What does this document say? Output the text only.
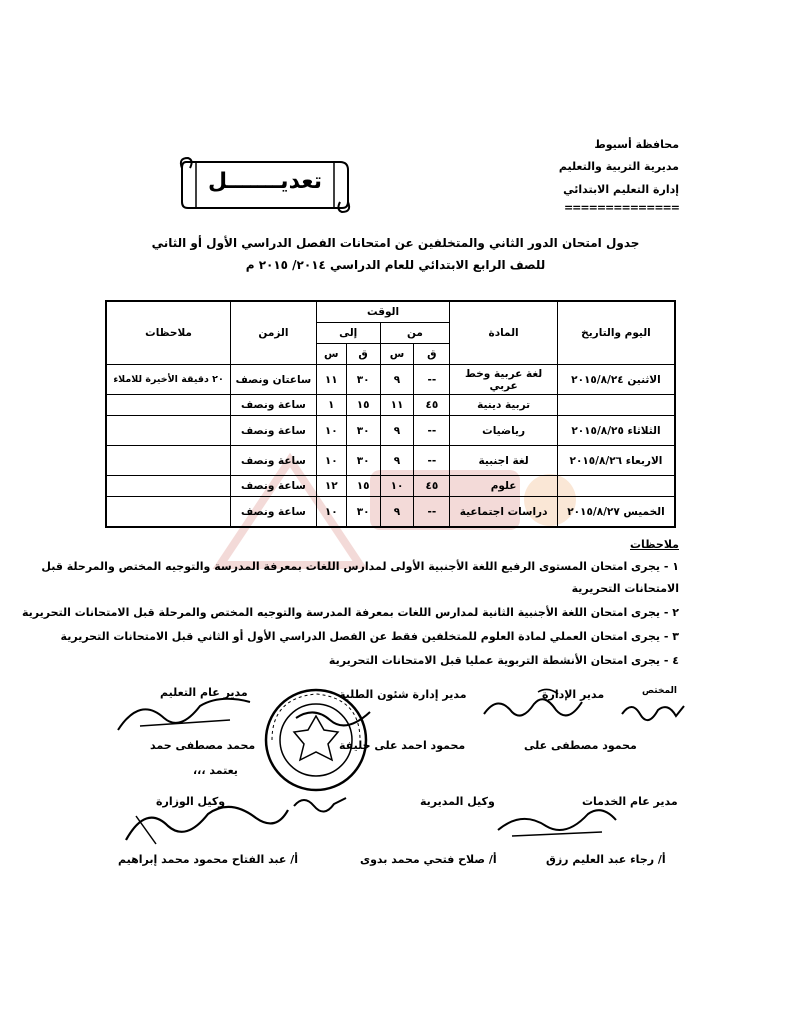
محافظة أسيوط
مديرية التربية والتعليم
إدارة التعليم الابتدائي
==============
تعديـــــــل
جدول امتحان الدور الثاني والمتخلفين عن امتحانات الفصل الدراسي الأول أو الثاني
للصف الرابع الابتدائي للعام الدراسي ٢٠١٤/ ٢٠١٥ م
اليوم والتاريخ	المادة	الوقت				الزمن	ملاحظات
		من		إلى			
		ق	س	ق	س		
الاثنين ٢٠١٥/٨/٢٤	لغة عربية وخط عربي	--	٩	٣٠	١١	ساعتان ونصف	٢٠ دقيقة الأخيرة للاملاء
	تربية دينية	٤٥	١١	١٥	١	ساعة ونصف	
الثلاثاء ٢٠١٥/٨/٢٥	رياضيات	--	٩	٣٠	١٠	ساعة ونصف	
الاربعاء ٢٠١٥/٨/٢٦	لغة اجنبية	--	٩	٣٠	١٠	ساعة ونصف	
	علوم	٤٥	١٠	١٥	١٢	ساعة ونصف	
الخميس ٢٠١٥/٨/٢٧	دراسات اجتماعية	--	٩	٣٠	١٠	ساعة ونصف	
ملاحظات
١ - يجرى امتحان المستوى الرفيع اللغة الأجنبية الأولى لمدارس اللغات بمعرفة المدرسة والتوجيه المختص والمرحلة قبل
الامتحانات التحريرية
٢ - يجرى امتحان اللغة الأجنبية الثانية لمدارس اللغات بمعرفة المدرسة والتوجيه المختص والمرحلة قبل الامتحانات التحريرية
٣ - يجرى امتحان العملي لمادة العلوم للمتخلفين فقط عن الفصل الدراسي الأول أو الثاني قبل الامتحانات التحريرية
٤ - يجرى امتحان الأنشطة التربوية عمليا قبل الامتحانات التحريرية
المختص
مدير الإدارة
محمود مصطفى على
مدير إدارة شئون الطلبة
محمود احمد على خليفة
مدير عام التعليم
محمد مصطفى حمد
يعتمد ،،،
مدير عام الخدمات
أ/ رجاء عبد العليم رزق
وكيل المديرية
أ/ صلاح فتحي محمد بدوى
وكيل الوزارة
أ/ عبد الفتاح محمود محمد إبراهيم
